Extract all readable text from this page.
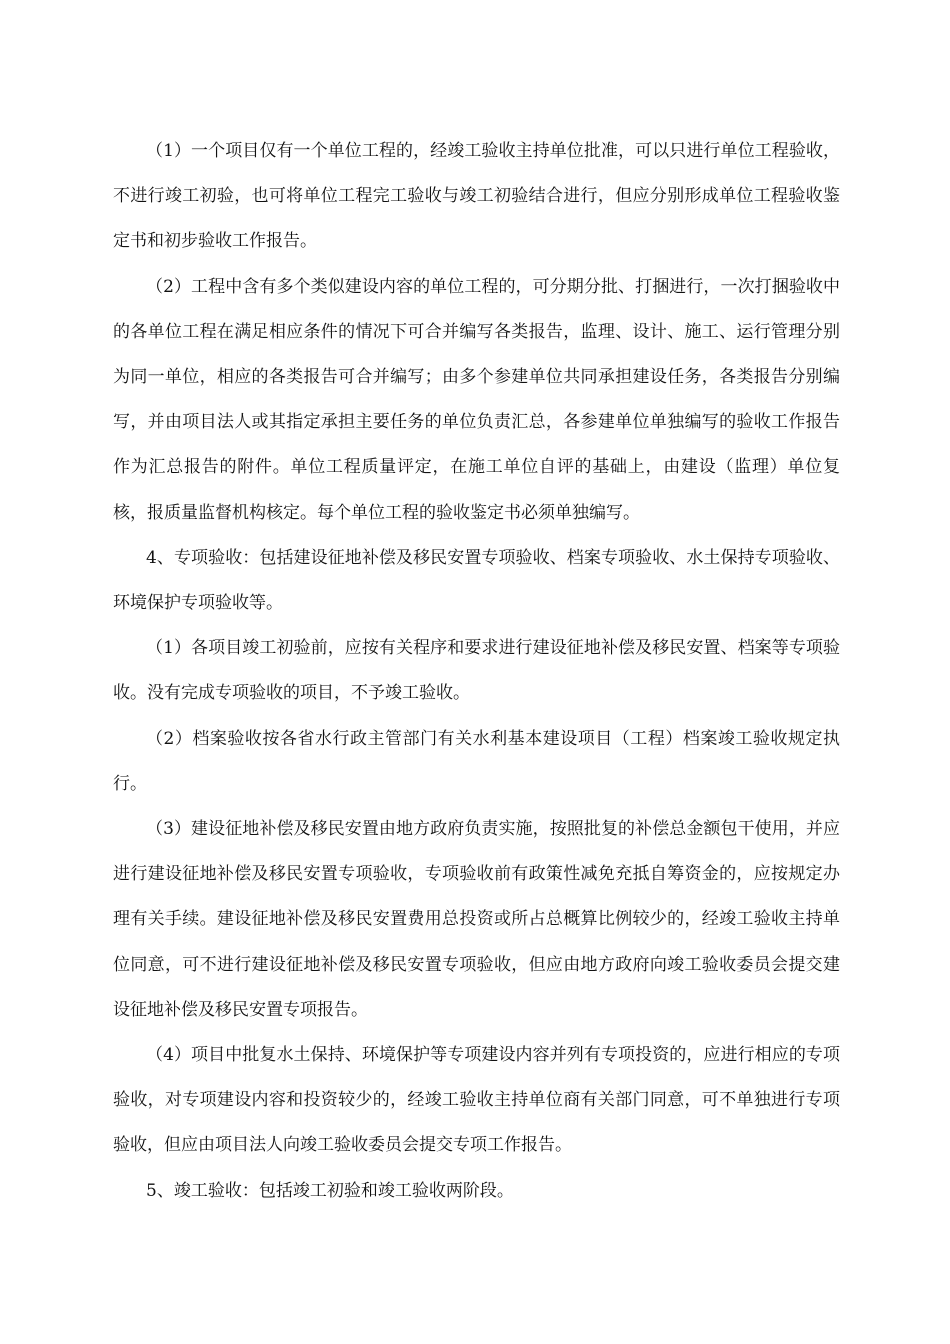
（1）一个项目仅有一个单位工程的，经竣工验收主持单位批准，可以只进行单位工程验收，不进行竣工初验，也可将单位工程完工验收与竣工初验结合进行，但应分别形成单位工程验收鉴定书和初步验收工作报告。

（2）工程中含有多个类似建设内容的单位工程的，可分期分批、打捆进行，一次打捆验收中的各单位工程在满足相应条件的情况下可合并编写各类报告，监理、设计、施工、运行管理分别为同一单位，相应的各类报告可合并编写；由多个参建单位共同承担建设任务，各类报告分别编写，并由项目法人或其指定承担主要任务的单位负责汇总，各参建单位单独编写的验收工作报告作为汇总报告的附件。单位工程质量评定，在施工单位自评的基础上，由建设（监理）单位复核，报质量监督机构核定。每个单位工程的验收鉴定书必须单独编写。

4、专项验收：包括建设征地补偿及移民安置专项验收、档案专项验收、水土保持专项验收、环境保护专项验收等。

（1）各项目竣工初验前，应按有关程序和要求进行建设征地补偿及移民安置、档案等专项验收。没有完成专项验收的项目，不予竣工验收。

（2）档案验收按各省水行政主管部门有关水利基本建设项目（工程）档案竣工验收规定执行。

（3）建设征地补偿及移民安置由地方政府负责实施，按照批复的补偿总金额包干使用，并应进行建设征地补偿及移民安置专项验收，专项验收前有政策性减免充抵自筹资金的，应按规定办理有关手续。建设征地补偿及移民安置费用总投资或所占总概算比例较少的，经竣工验收主持单位同意，可不进行建设征地补偿及移民安置专项验收，但应由地方政府向竣工验收委员会提交建设征地补偿及移民安置专项报告。

（4）项目中批复水土保持、环境保护等专项建设内容并列有专项投资的，应进行相应的专项验收，对专项建设内容和投资较少的，经竣工验收主持单位商有关部门同意，可不单独进行专项验收，但应由项目法人向竣工验收委员会提交专项工作报告。

5、竣工验收：包括竣工初验和竣工验收两阶段。
